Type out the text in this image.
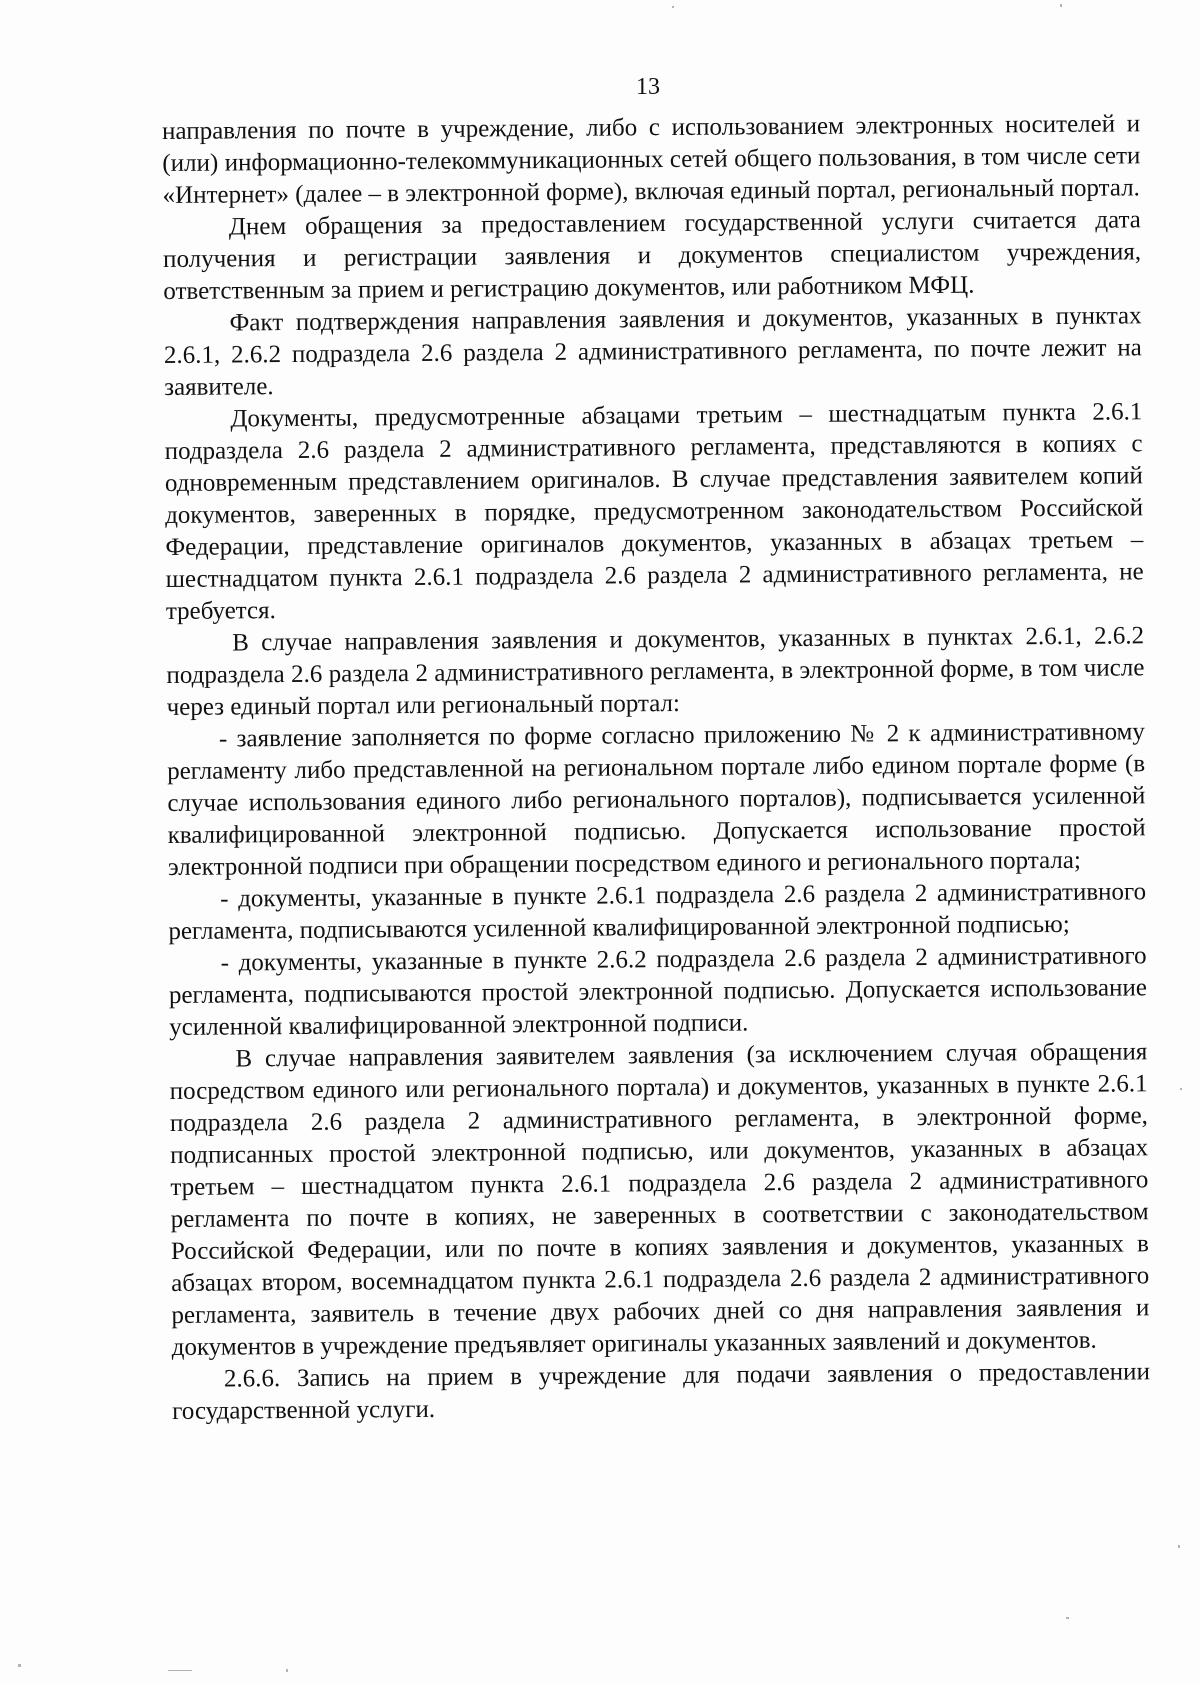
13

направления по почте в учреждение, либо с использованием электронных носителей и (или) информационно-телекоммуникационных сетей общего пользования, в том числе сети «Интернет» (далее – в электронной форме), включая единый портал, региональный портал.

Днем обращения за предоставлением государственной услуги считается дата получения и регистрации заявления и документов специалистом учреждения, ответственным за прием и регистрацию документов, или работником МФЦ.

Факт подтверждения направления заявления и документов, указанных в пунктах 2.6.1, 2.6.2 подраздела 2.6 раздела 2 административного регламента, по почте лежит на заявителе.

Документы, предусмотренные абзацами третьим – шестнадцатым пункта 2.6.1 подраздела 2.6 раздела 2 административного регламента, представляются в копиях с одновременным представлением оригиналов. В случае представления заявителем копий документов, заверенных в порядке, предусмотренном законодательством Российской Федерации, представление оригиналов документов, указанных в абзацах третьем – шестнадцатом пункта 2.6.1 подраздела 2.6 раздела 2 административного регламента, не требуется.

В случае направления заявления и документов, указанных в пунктах 2.6.1, 2.6.2 подраздела 2.6 раздела 2 административного регламента, в электронной форме, в том числе через единый портал или региональный портал:

- заявление заполняется по форме согласно приложению № 2 к административному регламенту либо представленной на региональном портале либо едином портале форме (в случае использования единого либо регионального порталов), подписывается усиленной квалифицированной электронной подписью. Допускается использование простой электронной подписи при обращении посредством единого и регионального портала;

- документы, указанные в пункте 2.6.1 подраздела 2.6 раздела 2 административного регламента, подписываются усиленной квалифицированной электронной подписью;

- документы, указанные в пункте 2.6.2 подраздела 2.6 раздела 2 административного регламента, подписываются простой электронной подписью. Допускается использование усиленной квалифицированной электронной подписи.

В случае направления заявителем заявления (за исключением случая обращения посредством единого или регионального портала) и документов, указанных в пункте 2.6.1 подраздела 2.6 раздела 2 административного регламента, в электронной форме, подписанных простой электронной подписью, или документов, указанных в абзацах третьем – шестнадцатом пункта 2.6.1 подраздела 2.6 раздела 2 административного регламента по почте в копиях, не заверенных в соответствии с законодательством Российской Федерации, или по почте в копиях заявления и документов, указанных в абзацах втором, восемнадцатом пункта 2.6.1 подраздела 2.6 раздела 2 административного регламента, заявитель в течение двух рабочих дней со дня направления заявления и документов в учреждение предъявляет оригиналы указанных заявлений и документов.

2.6.6. Запись на прием в учреждение для подачи заявления о предоставлении государственной услуги.
